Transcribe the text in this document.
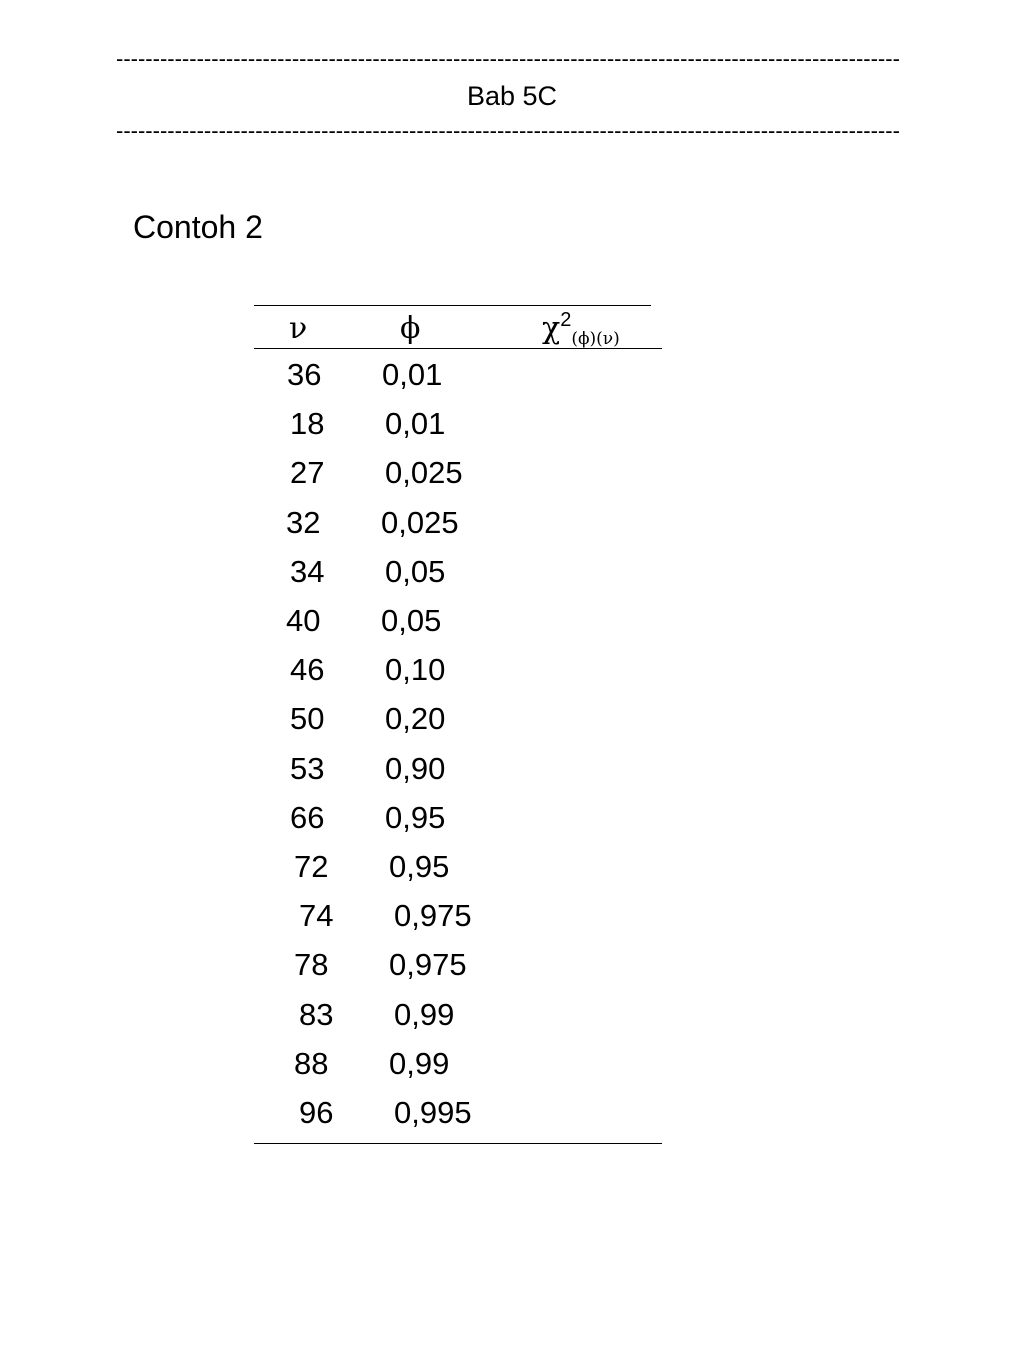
-----------------------------------------------------------------------------------------------------------
Bab 5C
-----------------------------------------------------------------------------------------------------------
Contoh 2
ν	ϕ	$\chi^2_{(\phi)(\nu)}$
36 0,01
18 0,01
27 0,025
32 0,025
34 0,05
40 0,05
46 0,10
50 0,20
53 0,90
66 0,95
72 0,95
74 0,975
78 0,975
83 0,99
88 0,99
96 0,995
